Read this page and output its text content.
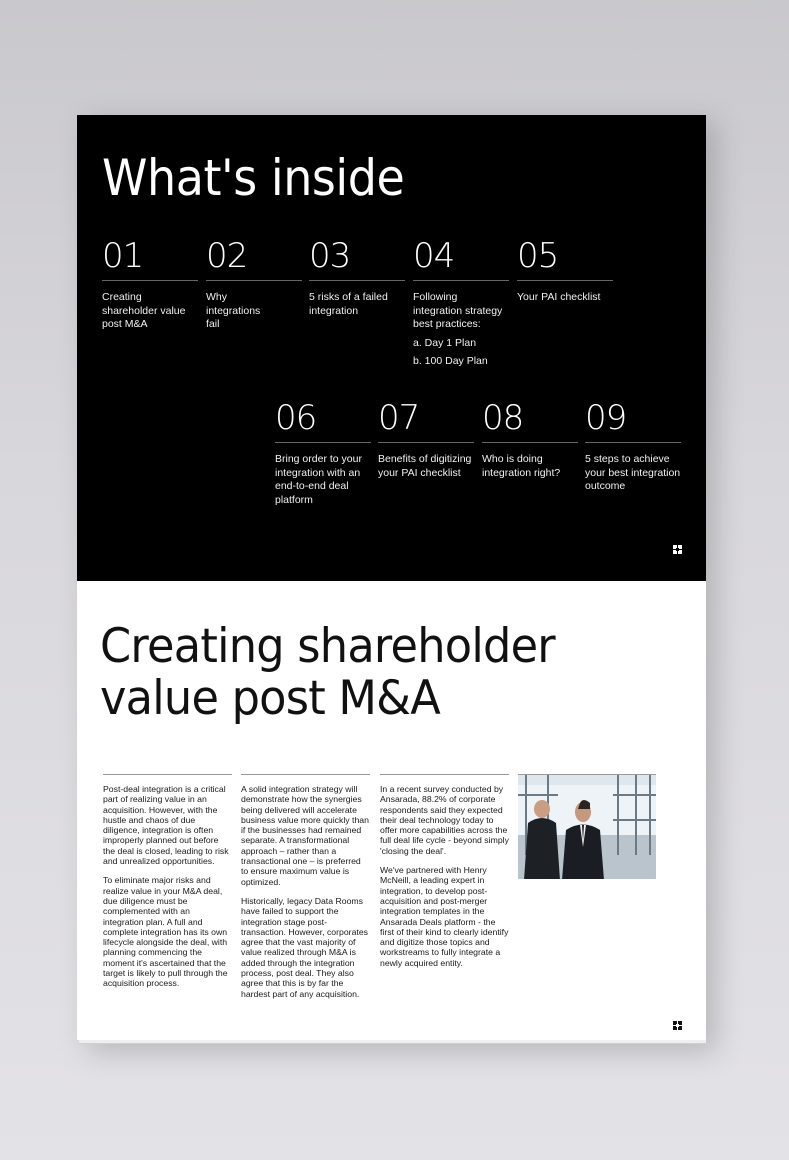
What's inside
01
Creating shareholder value post M&A
02
Why integrations fail
03
5 risks of a failed integration
04
Following integration strategy best practices:
a. Day 1 Plan
b. 100 Day Plan
05
Your PAI checklist
06
Bring order to your integration with an end-to-end deal platform
07
Benefits of digitizing your PAI checklist
08
Who is doing integration right?
09
5 steps to achieve your best integration outcome
Creating shareholder value post M&A

Post-deal integration is a critical part of realizing value in an acquisition. However, with the hustle and chaos of due diligence, integration is often improperly planned out before the deal is closed, leading to risk and unrealized opportunities.

To eliminate major risks and realize value in your M&A deal, due diligence must be complemented with an integration plan. A full and complete integration has its own lifecycle alongside the deal, with planning commencing the moment it's ascertained that the target is likely to pull through the acquisition process.

A solid integration strategy will demonstrate how the synergies being delivered will accelerate business value more quickly than if the businesses had remained separate. A transformational approach – rather than a transactional one – is preferred to ensure maximum value is optimized.

Historically, legacy Data Rooms have failed to support the integration stage post-transaction. However, corporates agree that the vast majority of value realized through M&A is added through the integration process, post deal. They also agree that this is by far the hardest part of any acquisition.

In a recent survey conducted by Ansarada, 88.2% of corporate respondents said they expected their deal technology today to offer more capabilities across the full deal life cycle - beyond simply 'closing the deal'.

We've partnered with Henry McNeill, a leading expert in integration, to develop post-acquisition and post-merger integration templates in the Ansarada Deals platform - the first of their kind to clearly identify and digitize those topics and workstreams to fully integrate a newly acquired entity.
